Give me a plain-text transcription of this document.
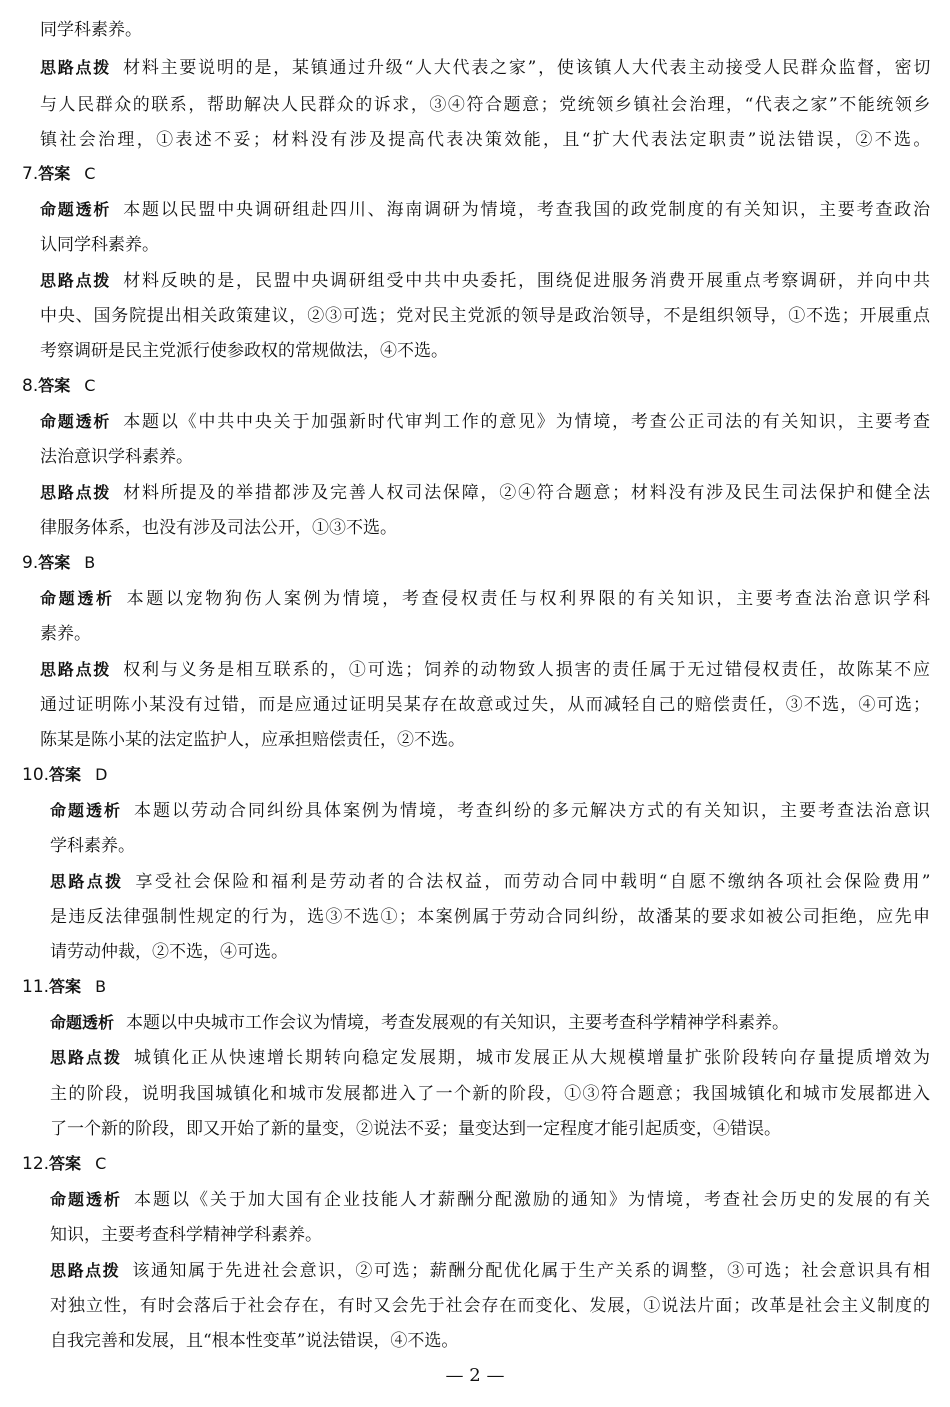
同学科素养。
思路点拨 材料主要说明的是，某镇通过升级“人大代表之家”，使该镇人大代表主动接受人民群众监督，密切
与人民群众的联系，帮助解决人民群众的诉求，③④符合题意；党统领乡镇社会治理，“代表之家”不能统领乡
镇社会治理，①表述不妥；材料没有涉及提高代表决策效能，且“扩大代表法定职责”说法错误，②不选。
7.答案 C
命题透析 本题以民盟中央调研组赴四川、海南调研为情境，考查我国的政党制度的有关知识，主要考查政治
认同学科素养。
思路点拨 材料反映的是，民盟中央调研组受中共中央委托，围绕促进服务消费开展重点考察调研，并向中共
中央、国务院提出相关政策建议，②③可选；党对民主党派的领导是政治领导，不是组织领导，①不选；开展重点
考察调研是民主党派行使参政权的常规做法，④不选。
8.答案 C
命题透析 本题以《中共中央关于加强新时代审判工作的意见》为情境，考查公正司法的有关知识，主要考查
法治意识学科素养。
思路点拨 材料所提及的举措都涉及完善人权司法保障，②④符合题意；材料没有涉及民生司法保护和健全法
律服务体系，也没有涉及司法公开，①③不选。
9.答案 B
命题透析 本题以宠物狗伤人案例为情境，考查侵权责任与权利界限的有关知识，主要考查法治意识学科
素养。
思路点拨 权利与义务是相互联系的，①可选；饲养的动物致人损害的责任属于无过错侵权责任，故陈某不应
通过证明陈小某没有过错，而是应通过证明吴某存在故意或过失，从而减轻自己的赔偿责任，③不选，④可选；
陈某是陈小某的法定监护人，应承担赔偿责任，②不选。
10.答案 D
命题透析 本题以劳动合同纠纷具体案例为情境，考查纠纷的多元解决方式的有关知识，主要考查法治意识
学科素养。
思路点拨 享受社会保险和福利是劳动者的合法权益，而劳动合同中载明“自愿不缴纳各项社会保险费用”
是违反法律强制性规定的行为，选③不选①；本案例属于劳动合同纠纷，故潘某的要求如被公司拒绝，应先申
请劳动仲裁，②不选，④可选。
11.答案 B
命题透析 本题以中央城市工作会议为情境，考查发展观的有关知识，主要考查科学精神学科素养。
思路点拨 城镇化正从快速增长期转向稳定发展期，城市发展正从大规模增量扩张阶段转向存量提质增效为
主的阶段，说明我国城镇化和城市发展都进入了一个新的阶段，①③符合题意；我国城镇化和城市发展都进入
了一个新的阶段，即又开始了新的量变，②说法不妥；量变达到一定程度才能引起质变，④错误。
12.答案 C
命题透析 本题以《关于加大国有企业技能人才薪酬分配激励的通知》为情境，考查社会历史的发展的有关
知识，主要考查科学精神学科素养。
思路点拨 该通知属于先进社会意识，②可选；薪酬分配优化属于生产关系的调整，③可选；社会意识具有相
对独立性，有时会落后于社会存在，有时又会先于社会存在而变化、发展，①说法片面；改革是社会主义制度的
自我完善和发展，且“根本性变革”说法错误，④不选。
— 2 —
